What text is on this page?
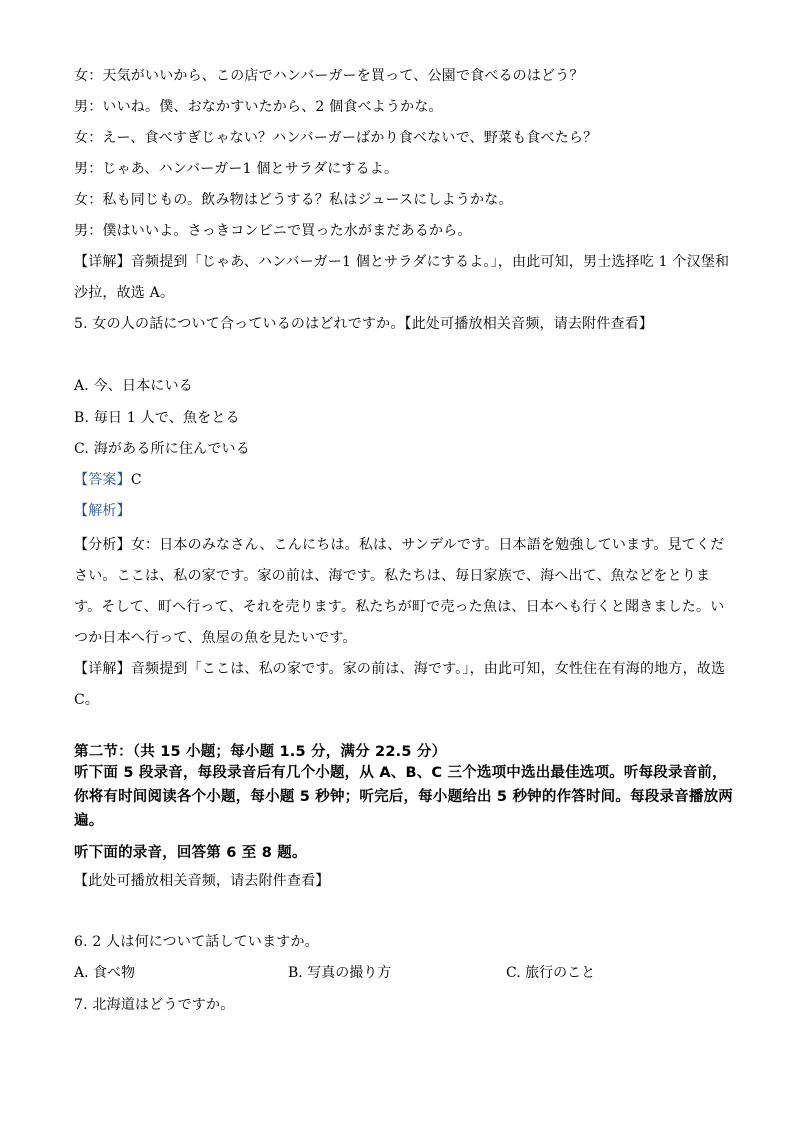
女：天気がいいから、この店でハンバーガーを買って、公園で食べるのはどう？
男：いいね。僕、おなかすいたから、2 個食べようかな。
女：えー、食べすぎじゃない？ハンバーガーばかり食べないで、野菜も食べたら？
男：じゃあ、ハンバーガー1 個とサラダにするよ。
女：私も同じもの。飲み物はどうする？私はジュースにしようかな。
男：僕はいいよ。さっきコンビニで買った水がまだあるから。
【详解】音频提到「じゃあ、ハンバーガー1 個とサラダにするよ。」，由此可知，男士选择吃 1 个汉堡和沙拉，故选 A。
5. 女の人の話について合っているのはどれですか。【此处可播放相关音频，请去附件查看】
A. 今、日本にいる
B. 毎日 1 人で、魚をとる
C. 海がある所に住んでいる
【答案】C
【解析】
【分析】女：日本のみなさん、こんにちは。私は、サンデルです。日本語を勉強しています。見てください。ここは、私の家です。家の前は、海です。私たちは、毎日家族で、海へ出て、魚などをとります。そして、町へ行って、それを売ります。私たちが町で売った魚は、日本へも行くと聞きました。いつか日本へ行って、魚屋の魚を見たいです。
【详解】音频提到「ここは、私の家です。家の前は、海です。」，由此可知，女性住在有海的地方，故选 C。
第二节：（共 15 小题；每小题 1.5 分，满分 22.5 分）
听下面 5 段录音，每段录音后有几个小题，从 A、B、C 三个选项中选出最佳选项。听每段录音前，你将有时间阅读各个小题，每小题 5 秒钟；听完后，每小题给出 5 秒钟的作答时间。每段录音播放两遍。
听下面的录音，回答第 6 至 8 题。
【此处可播放相关音频，请去附件查看】
6. 2 人は何について話していますか。
A. 食べ物	B. 写真の撮り方	C. 旅行のこと
7. 北海道はどうですか。
